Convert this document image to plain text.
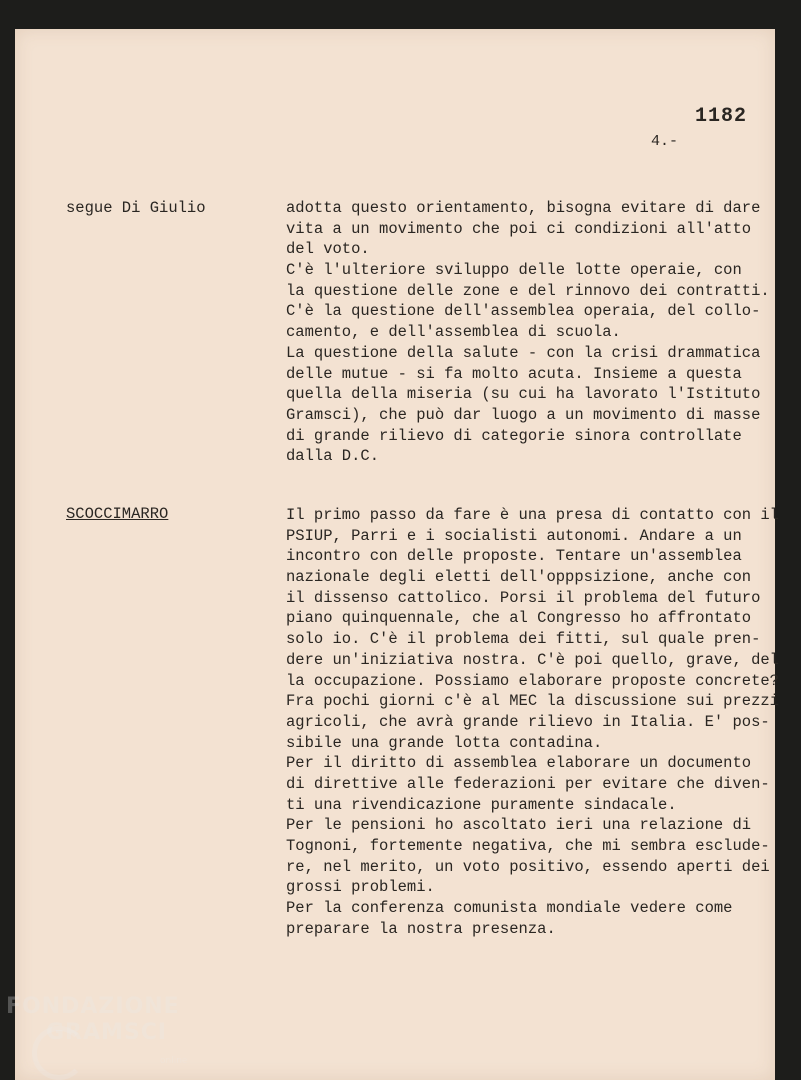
1182
4.-
segue Di Giulio	adotta questo orientamento, bisogna evitare di dare
vita a un movimento che poi ci condizioni all'atto
del voto.
C'è l'ulteriore sviluppo delle lotte operaie, con
la questione delle zone e del rinnovo dei contratti.
C'è la questione dell'assemblea operaia, del collo-
camento, e dell'assemblea di scuola.
La questione della salute - con la crisi drammatica
delle mutue - si fa molto acuta. Insieme a questa
quella della miseria (su cui ha lavorato l'Istituto
Gramsci), che può dar luogo a un movimento di masse
di grande rilievo di categorie sinora controllate
dalla D.C.
SCOCCIMARRO	Il primo passo da fare è una presa di contatto con il
PSIUP, Parri e i socialisti autonomi. Andare a un
incontro con delle proposte. Tentare un'assemblea
nazionale degli eletti dell'opppsizione, anche con
il dissenso cattolico. Porsi il problema del futuro
piano quinquennale, che al Congresso ho affrontato
solo io. C'è il problema dei fitti, sul quale pren-
dere un'iniziativa nostra. C'è poi quello, grave, del
la occupazione. Possiamo elaborare proposte concrete?
Fra pochi giorni c'è al MEC la discussione sui prezzi
agricoli, che avrà grande rilievo in Italia. E' pos-
sibile una grande lotta contadina.
Per il diritto di assemblea elaborare un documento
di direttive alle federazioni per evitare che diven-
ti una rivendicazione puramente sindacale.
Per le pensioni ho ascoltato ieri una relazione di
Tognoni, fortemente negativa, che mi sembra esclude-
re, nel merito, un voto positivo, essendo aperti dei
grossi problemi.
Per la conferenza comunista mondiale vedere come
preparare la nostra presenza.
FONDAZIONE
GRAMSCI
online
